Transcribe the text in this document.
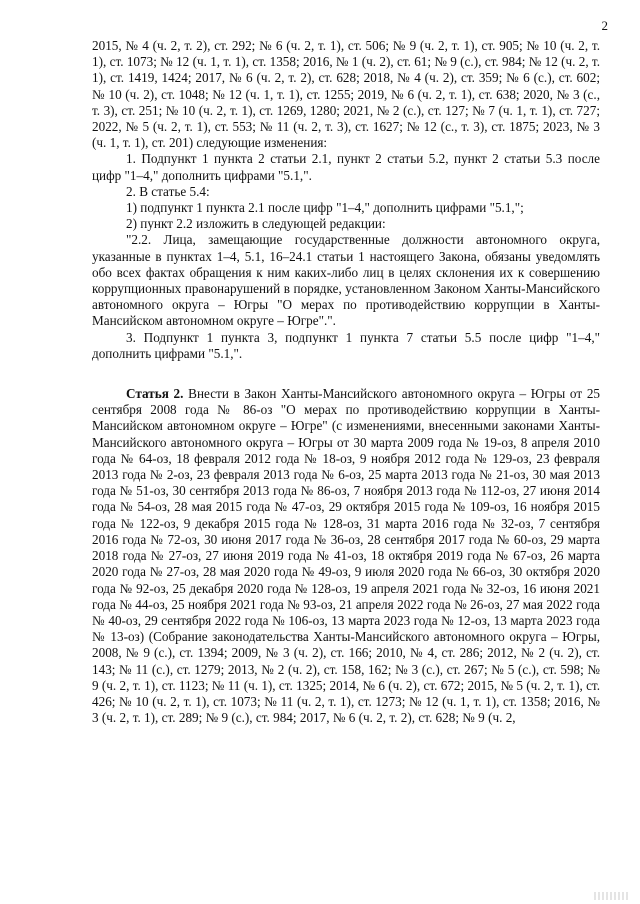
2

2015, № 4 (ч. 2, т. 2), ст. 292; № 6 (ч. 2, т. 1), ст. 506; № 9 (ч. 2, т. 1), ст. 905; № 10 (ч. 2, т. 1), ст. 1073; № 12 (ч. 1, т. 1), ст. 1358; 2016, № 1 (ч. 2), ст. 61; № 9 (с.), ст. 984; № 12 (ч. 2, т. 1), ст. 1419, 1424; 2017, № 6 (ч. 2, т. 2), ст. 628; 2018, № 4 (ч. 2), ст. 359; № 6 (с.), ст. 602; № 10 (ч. 2), ст. 1048; № 12 (ч. 1, т. 1), ст. 1255; 2019, № 6 (ч. 2, т. 1), ст. 638; 2020, № 3 (с., т. 3), ст. 251; № 10 (ч. 2, т. 1), ст. 1269, 1280; 2021, № 2 (с.), ст. 127; № 7 (ч. 1, т. 1), ст. 727; 2022, № 5 (ч. 2, т. 1), ст. 553; № 11 (ч. 2, т. 3), ст. 1627; № 12 (с., т. 3), ст. 1875; 2023, № 3 (ч. 1, т. 1), ст. 201) следующие изменения:

1. Подпункт 1 пункта 2 статьи 2.1, пункт 2 статьи 5.2, пункт 2 статьи 5.3 после цифр "1–4," дополнить цифрами "5.1,".

2. В статье 5.4:

1) подпункт 1 пункта 2.1 после цифр "1–4," дополнить цифрами "5.1,";

2) пункт 2.2 изложить в следующей редакции:

"2.2. Лица, замещающие государственные должности автономного округа, указанные в пунктах 1–4, 5.1, 16–24.1 статьи 1 настоящего Закона, обязаны уведомлять обо всех фактах обращения к ним каких-либо лиц в целях склонения их к совершению коррупционных правонарушений в порядке, установленном Законом Ханты-Мансийского автономного округа – Югры "О мерах по противодействию коррупции в Ханты-Мансийском автономном округе – Югре".".

3. Подпункт 1 пункта 3, подпункт 1 пункта 7 статьи 5.5 после цифр "1–4," дополнить цифрами "5.1,".

Статья 2. Внести в Закон Ханты-Мансийского автономного округа – Югры от 25 сентября 2008 года № 86-оз "О мерах по противодействию коррупции в Ханты-Мансийском автономном округе – Югре" (с изменениями, внесенными законами Ханты-Мансийского автономного округа – Югры от 30 марта 2009 года № 19-оз, 8 апреля 2010 года № 64-оз, 18 февраля 2012 года № 18-оз, 9 ноября 2012 года № 129-оз, 23 февраля 2013 года № 2-оз, 23 февраля 2013 года № 6-оз, 25 марта 2013 года № 21-оз, 30 мая 2013 года № 51-оз, 30 сентября 2013 года № 86-оз, 7 ноября 2013 года № 112-оз, 27 июня 2014 года № 54-оз, 28 мая 2015 года № 47-оз, 29 октября 2015 года № 109-оз, 16 ноября 2015 года № 122-оз, 9 декабря 2015 года № 128-оз, 31 марта 2016 года № 32-оз, 7 сентября 2016 года № 72-оз, 30 июня 2017 года № 36-оз, 28 сентября 2017 года № 60-оз, 29 марта 2018 года № 27-оз, 27 июня 2019 года № 41-оз, 18 октября 2019 года № 67-оз, 26 марта 2020 года № 27-оз, 28 мая 2020 года № 49-оз, 9 июля 2020 года № 66-оз, 30 октября 2020 года № 92-оз, 25 декабря 2020 года № 128-оз, 19 апреля 2021 года № 32-оз, 16 июня 2021 года № 44-оз, 25 ноября 2021 года № 93-оз, 21 апреля 2022 года № 26-оз, 27 мая 2022 года № 40-оз, 29 сентября 2022 года № 106-оз, 13 марта 2023 года № 12-оз, 13 марта 2023 года № 13-оз) (Собрание законодательства Ханты-Мансийского автономного округа – Югры, 2008, № 9 (с.), ст. 1394; 2009, № 3 (ч. 2), ст. 166; 2010, № 4, ст. 286; 2012, № 2 (ч. 2), ст. 143; № 11 (с.), ст. 1279; 2013, № 2 (ч. 2), ст. 158, 162; № 3 (с.), ст. 267; № 5 (с.), ст. 598; № 9 (ч. 2, т. 1), ст. 1123; № 11 (ч. 1), ст. 1325; 2014, № 6 (ч. 2), ст. 672; 2015, № 5 (ч. 2, т. 1), ст. 426; № 10 (ч. 2, т. 1), ст. 1073; № 11 (ч. 2, т. 1), ст. 1273; № 12 (ч. 1, т. 1), ст. 1358; 2016, № 3 (ч. 2, т. 1), ст. 289; № 9 (с.), ст. 984; 2017, № 6 (ч. 2, т. 2), ст. 628; № 9 (ч. 2,
